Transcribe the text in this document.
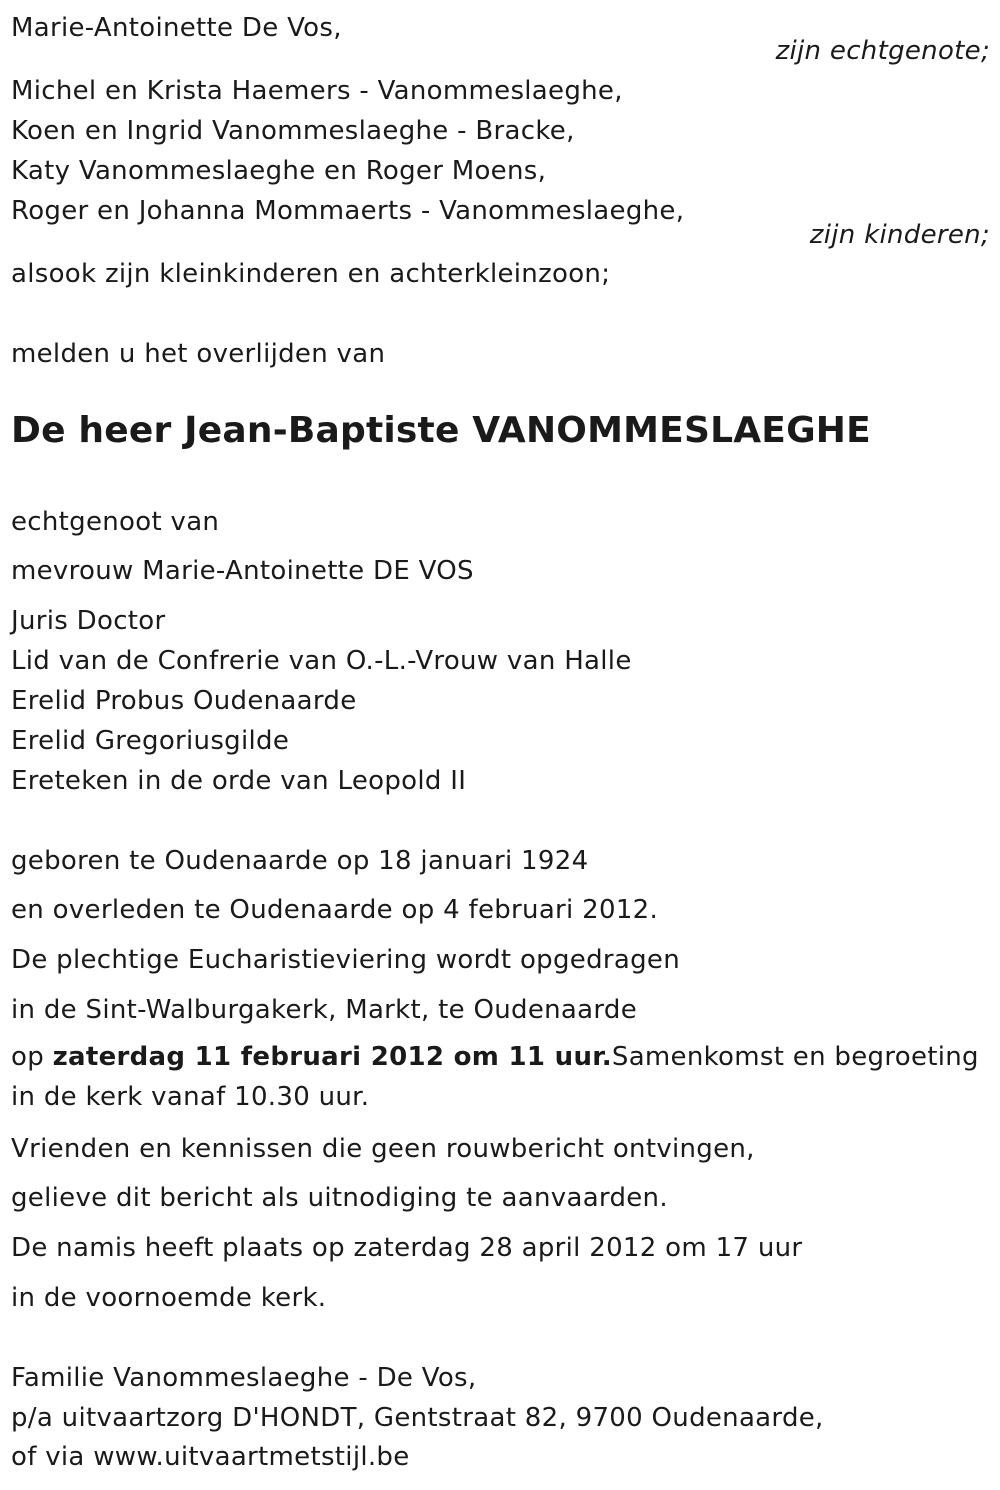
Marie-Antoinette De Vos,
zijn echtgenote;
Michel en Krista Haemers - Vanommeslaeghe,
Koen en Ingrid Vanommeslaeghe - Bracke,
Katy Vanommeslaeghe en Roger Moens,
Roger en Johanna Mommaerts - Vanommeslaeghe,
zijn kinderen;
alsook zijn kleinkinderen en achterkleinzoon;
melden u het overlijden van
De heer Jean-Baptiste VANOMMESLAEGHE
echtgenoot van
mevrouw Marie-Antoinette DE VOS
Juris Doctor
Lid van de Confrerie van O.-L.-Vrouw van Halle
Erelid Probus Oudenaarde
Erelid Gregoriusgilde
Ereteken in de orde van Leopold II
geboren te Oudenaarde op 18 januari 1924
en overleden te Oudenaarde op 4 februari 2012.
De plechtige Eucharistieviering wordt opgedragen
in de Sint-Walburgakerk, Markt, te Oudenaarde
op zaterdag 11 februari 2012 om 11 uur.Samenkomst en begroeting in de kerk vanaf 10.30 uur.
Vrienden en kennissen die geen rouwbericht ontvingen,
gelieve dit bericht als uitnodiging te aanvaarden.
De namis heeft plaats op zaterdag 28 april 2012 om 17 uur
in de voornoemde kerk.
Familie Vanommeslaeghe - De Vos,
p/a uitvaartzorg D'HONDT, Gentstraat 82, 9700 Oudenaarde,
of via www.uitvaartmetstijl.be
